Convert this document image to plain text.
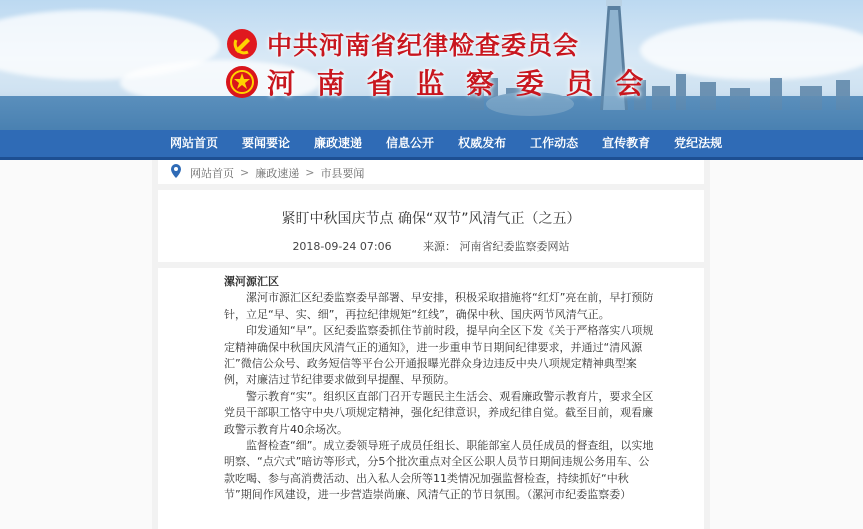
中共河南省纪律检查委员会
河 南 省 监 察 委 员 会
网站首页	要闻要论	廉政速递	信息公开	权威发布	工作动态	宣传教育	党纪法规
网站首页 > 廉政速递 > 市县要闻
紧盯中秋国庆节点 确保“双节”风清气正（之五）
2018-09-24 07:06	来源： 河南省纪委监察委网站

漯河源汇区

漯河市源汇区纪委监察委早部署、早安排，积极采取措施将“红灯”亮在前，早打预防针，立足“早、实、细”，再拉纪律规矩“红线”，确保中秋、国庆两节风清气正。

印发通知“早”。区纪委监察委抓住节前时段，提早向全区下发《关于严格落实八项规定精神确保中秋国庆风清气正的通知》，进一步重申节日期间纪律要求，并通过“清风源汇”微信公众号、政务短信等平台公开通报曝光群众身边违反中央八项规定精神典型案例，对廉洁过节纪律要求做到早提醒、早预防。

警示教育“实”。组织区直部门召开专题民主生活会、观看廉政警示教育片，要求全区党员干部职工恪守中央八项规定精神，强化纪律意识，养成纪律自觉。截至目前，观看廉政警示教育片40余场次。

监督检查“细”。成立委领导班子成员任组长、职能部室人员任成员的督查组，以实地明察、“点穴式”暗访等形式，分5个批次重点对全区公职人员节日期间违规公务用车、公款吃喝、参与高消费活动、出入私人会所等11类情况加强监督检查，持续抓好“中秋节”期间作风建设，进一步营造崇尚廉、风清气正的节日氛围。（漯河市纪委监察委）
